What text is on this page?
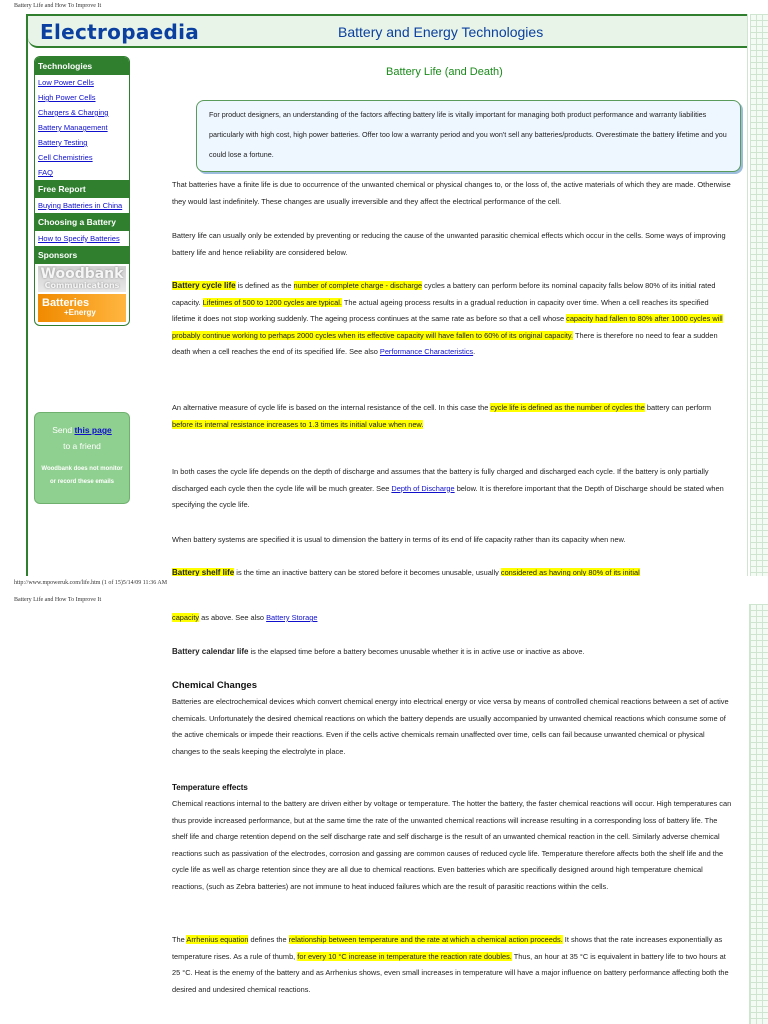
Battery Life and How To Improve It
Electropaedia	Battery and Energy Technologies
Technologies
Low Power Cells
High Power Cells
Chargers & Charging
Battery Management
Battery Testing
Cell Chemistries
FAQ
Free Report
Buying Batteries in China
Choosing a Battery
How to Specify Batteries
Sponsors
Woodbank
Communications
Batteries
+Energy
Send this page
to a friend
Woodbank does not monitor
or record these emails
Battery Life (and Death)
For product designers, an understanding of the factors affecting battery life is vitally important for managing both product performance and warranty liabilities particularly with high cost, high power batteries. Offer too low a warranty period and you won't sell any batteries/products. Overestimate the battery lifetime and you could lose a fortune.
That batteries have a finite life is due to occurrence of the unwanted chemical or physical changes to, or the loss of, the active materials of which they are made. Otherwise they would last indefinitely. These changes are usually irreversible and they affect the electrical performance of the cell.
Battery life can usually only be extended by preventing or reducing the cause of the unwanted parasitic chemical effects which occur in the cells. Some ways of improving battery life and hence reliability are considered below.
Battery cycle life is defined as the number of complete charge - discharge cycles a battery can perform before its nominal capacity falls below 80% of its initial rated capacity. Lifetimes of 500 to 1200 cycles are typical. The actual ageing process results in a gradual reduction in capacity over time. When a cell reaches its specified lifetime it does not stop working suddenly. The ageing process continues at the same rate as before so that a cell whose capacity had fallen to 80% after 1000 cycles will probably continue working to perhaps 2000 cycles when its effective capacity will have fallen to 60% of its original capacity. There is therefore no need to fear a sudden death when a cell reaches the end of its specified life. See also Performance Characteristics.
An alternative measure of cycle life is based on the internal resistance of the cell. In this case the cycle life is defined as the number of cycles the battery can perform before its internal resistance increases to 1.3 times its initial value when new.
In both cases the cycle life depends on the depth of discharge and assumes that the battery is fully charged and discharged each cycle. If the battery is only partially discharged each cycle then the cycle life will be much greater. See Depth of Discharge below. It is therefore important that the Depth of Discharge should be stated when specifying the cycle life.
When battery systems are specified it is usual to dimension the battery in terms of its end of life capacity rather than its capacity when new.
Battery shelf life is the time an inactive battery can be stored before it becomes unusable, usually considered as having only 80% of its initial
http://www.mpoweruk.com/life.htm (1 of 15)5/14/09 11:36 AM
Battery Life and How To Improve It
capacity as above. See also Battery Storage
Battery calendar life is the elapsed time before a battery becomes unusable whether it is in active use or inactive as above.
Chemical Changes
Batteries are electrochemical devices which convert chemical energy into electrical energy or vice versa by means of controlled chemical reactions between a set of active chemicals. Unfortunately the desired chemical reactions on which the battery depends are usually accompanied by unwanted chemical reactions which consume some of the active chemicals or impede their reactions. Even if the cells active chemicals remain unaffected over time, cells can fail because unwanted chemical or physical changes to the seals keeping the electrolyte in place.
Temperature effects
Chemical reactions internal to the battery are driven either by voltage or temperature. The hotter the battery, the faster chemical reactions will occur. High temperatures can thus provide increased performance, but at the same time the rate of the unwanted chemical reactions will increase resulting in a corresponding loss of battery life. The shelf life and charge retention depend on the self discharge rate and self discharge is the result of an unwanted chemical reaction in the cell. Similarly adverse chemical reactions such as passivation of the electrodes, corrosion and gassing are common causes of reduced cycle life. Temperature therefore affects both the shelf life and the cycle life as well as charge retention since they are all due to chemical reactions. Even batteries which are specifically designed around high temperature chemical reactions, (such as Zebra batteries) are not immune to heat induced failures which are the result of parasitic reactions within the cells.
The Arrhenius equation defines the relationship between temperature and the rate at which a chemical action proceeds. It shows that the rate increases exponentially as temperature rises. As a rule of thumb, for every 10 °C increase in temperature the reaction rate doubles. Thus, an hour at 35 °C is equivalent in battery life to two hours at 25 °C. Heat is the enemy of the battery and as Arrhenius shows, even small increases in temperature will have a major influence on battery performance affecting both the desired and undesired chemical reactions.
